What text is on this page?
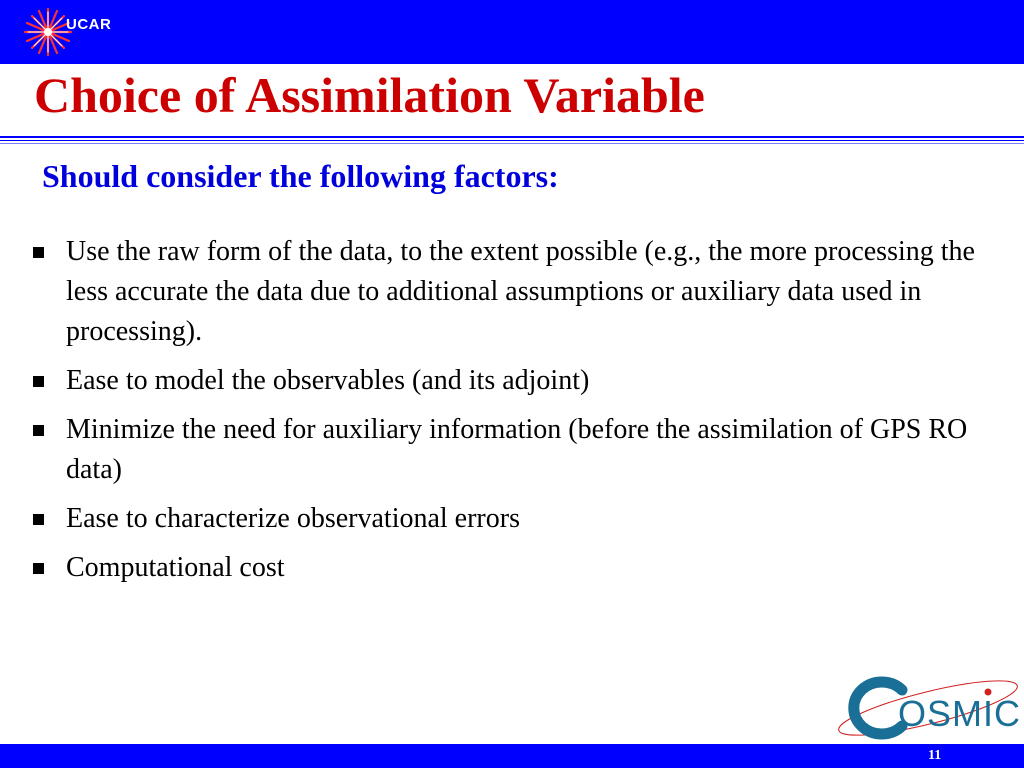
UCAR
Choice of Assimilation Variable
Should consider the following factors:
Use the raw form of the data, to the extent possible (e.g., the more processing the less accurate the data due to additional assumptions or auxiliary data used in processing).
Ease to model the observables (and its adjoint)
Minimize the need for auxiliary information (before the assimilation of GPS RO data)
Ease to characterize observational errors
Computational cost
OSMIC
11
